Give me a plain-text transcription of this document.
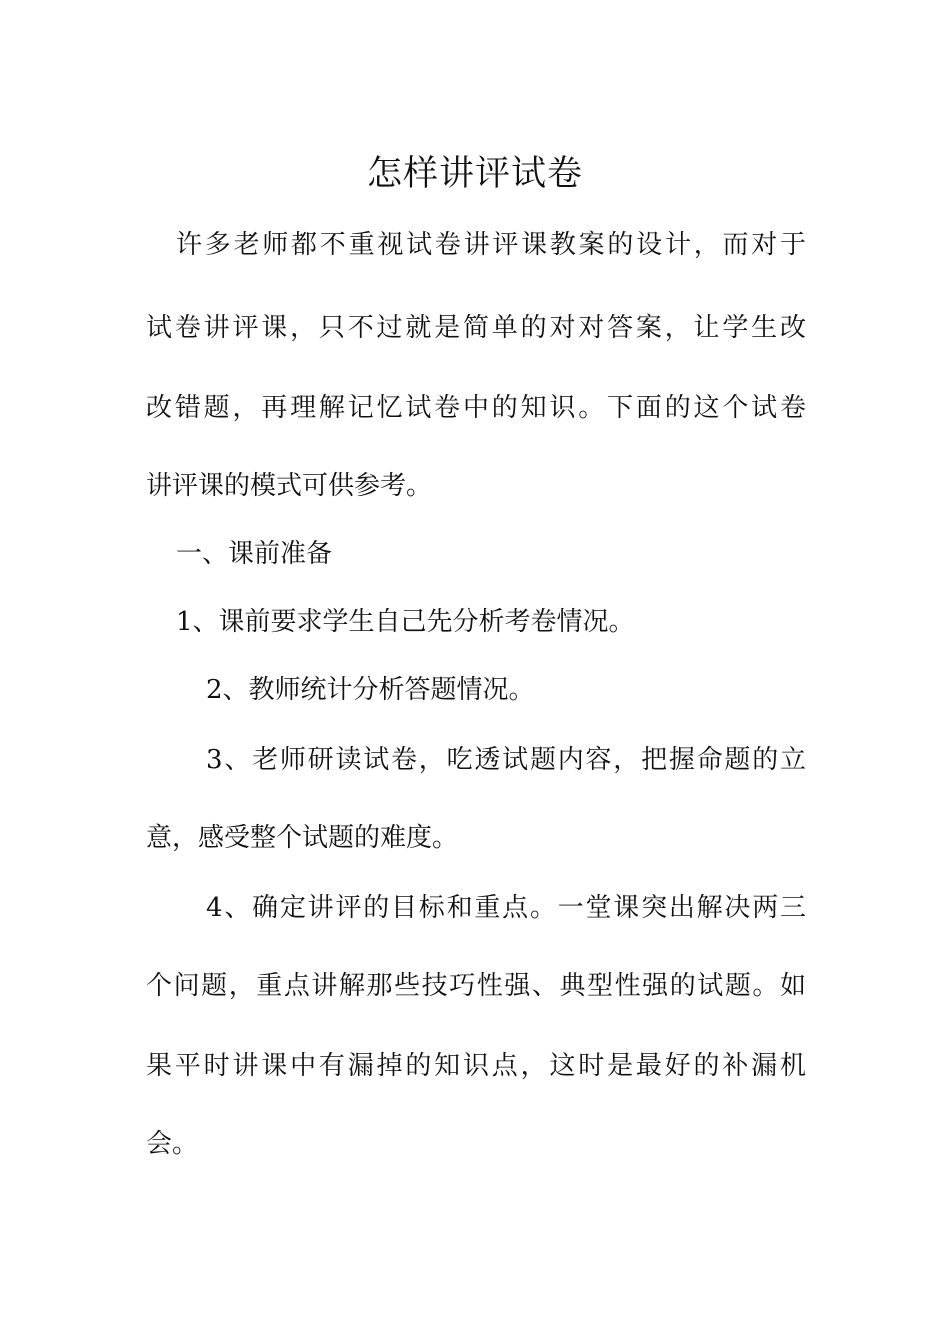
怎样讲评试卷

许多老师都不重视试卷讲评课教案的设计，而对于

试卷讲评课，只不过就是简单的对对答案，让学生改

改错题，再理解记忆试卷中的知识。下面的这个试卷

讲评课的模式可供参考。

一、课前准备

1、课前要求学生自己先分析考卷情况。

2、教师统计分析答题情况。

3、老师研读试卷，吃透试题内容，把握命题的立

意，感受整个试题的难度。

4、确定讲评的目标和重点。一堂课突出解决两三

个问题，重点讲解那些技巧性强、典型性强的试题。如

果平时讲课中有漏掉的知识点，这时是最好的补漏机

会。
